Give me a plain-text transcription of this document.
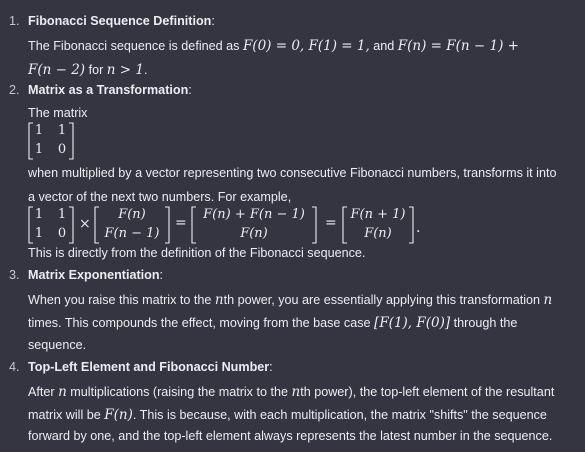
1. Fibonacci Sequence Definition:
The Fibonacci sequence is defined as F(0) = 0, F(1) = 1, and F(n) = F(n − 1) +
F(n − 2) for n > 1.
2. Matrix as a Transformation:
The matrix
1 1
1 0
when multiplied by a vector representing two consecutive Fibonacci numbers, transforms it into
a vector of the next two numbers. For example,
1 1
1 0
×
F(n)
F(n − 1)
=
F(n) + F(n − 1)
F(n)
=
F(n + 1)
F(n)	.
This is directly from the definition of the Fibonacci sequence.
3. Matrix Exponentiation:
When you raise this matrix to the nth power, you are essentially applying this transformation n
times. This compounds the effect, moving from the base case [F(1), F(0)] through the
sequence.
4. Top-Left Element and Fibonacci Number:
After n multiplications (raising the matrix to the nth power), the top-left element of the resultant
matrix will be F(n). This is because, with each multiplication, the matrix "shifts" the sequence
forward by one, and the top-left element always represents the latest number in the sequence.
